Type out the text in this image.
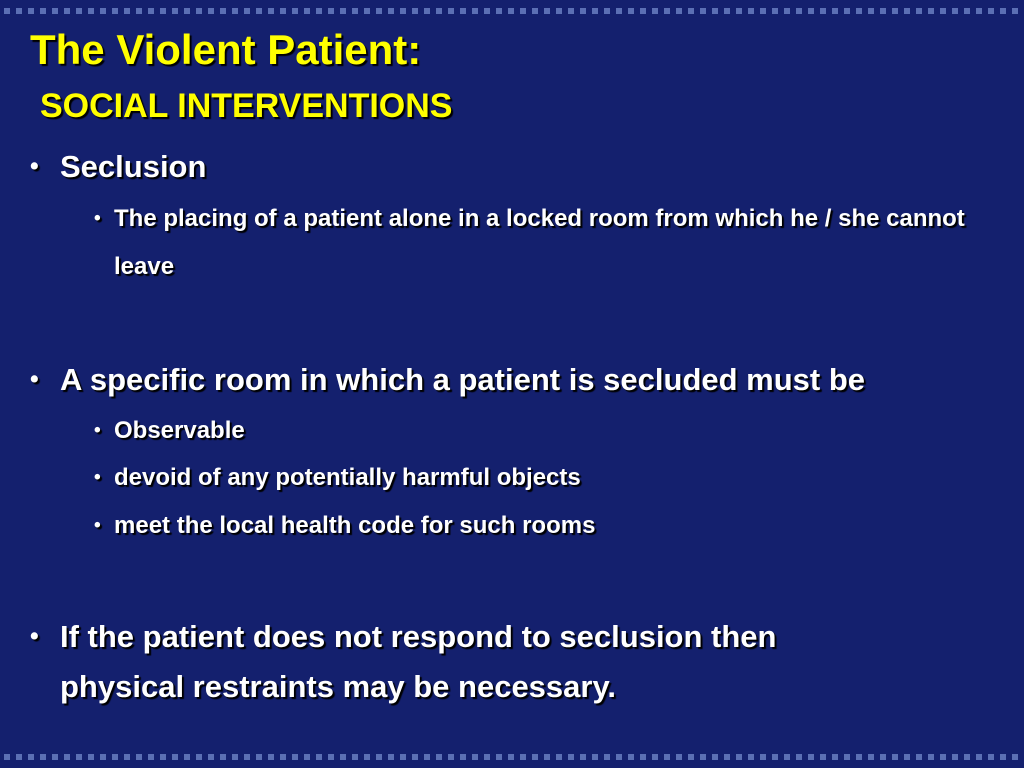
The Violent Patient:
SOCIAL INTERVENTIONS
• Seclusion
• The placing of a patient alone in a locked room from which he / she cannot leave
• A specific room in which a patient is secluded must be
• Observable
• devoid of any potentially harmful objects
• meet the local health code for such rooms
• If the patient does not respond to seclusion then physical restraints may be necessary.
